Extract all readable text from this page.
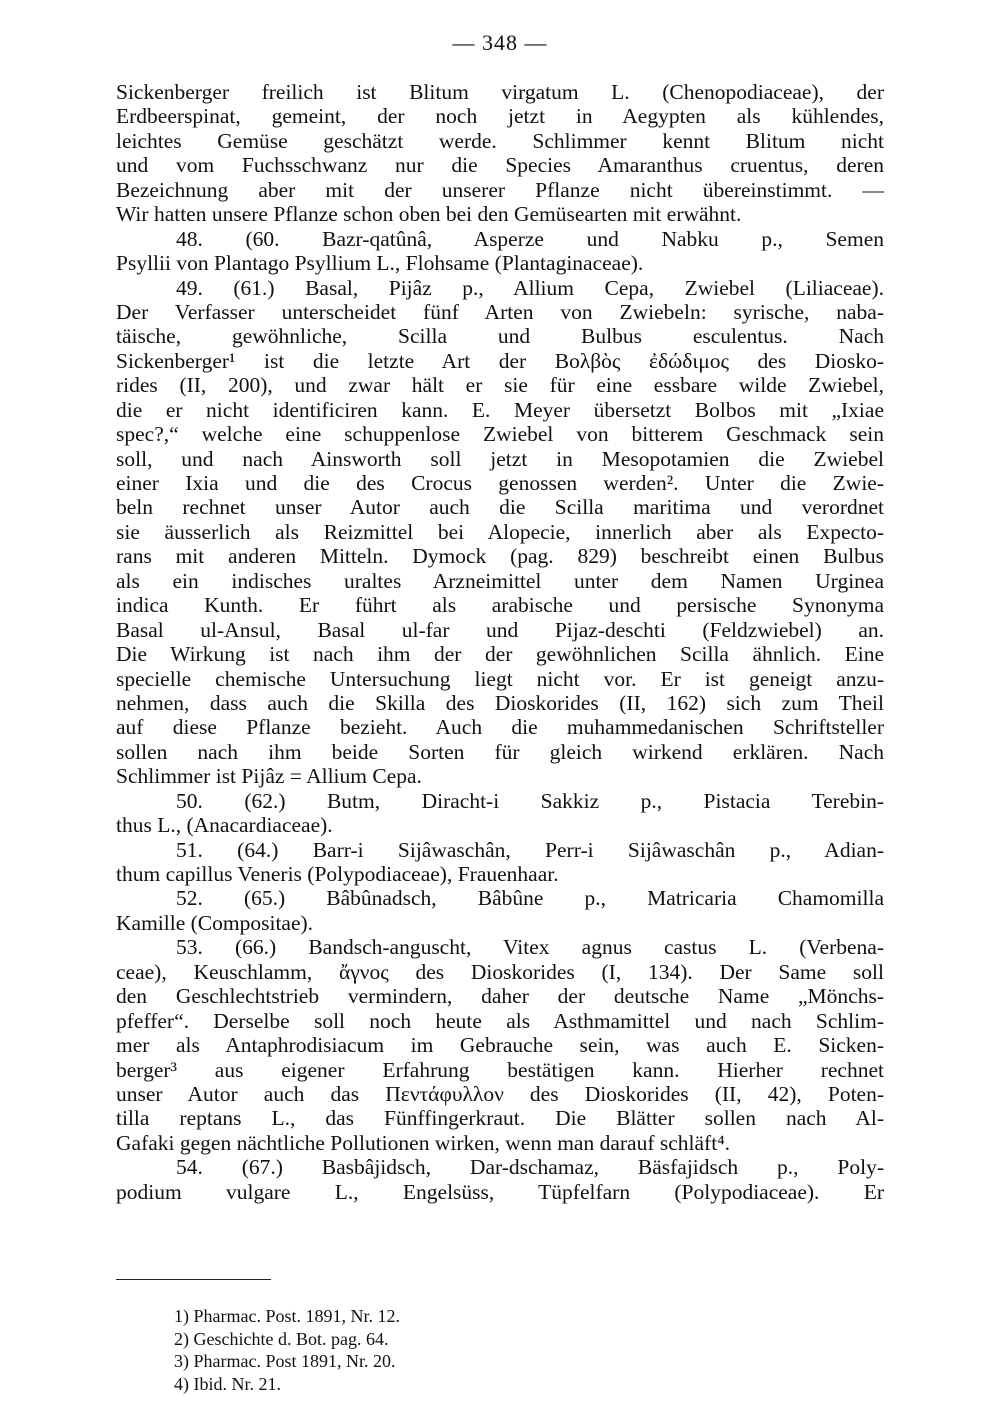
— 348 —
Sickenberger freilich ist Blitum virgatum L. (Chenopodiaceae), der
Erdbeerspinat, gemeint, der noch jetzt in Aegypten als kühlendes,
leichtes Gemüse geschätzt werde. Schlimmer kennt Blitum nicht
und vom Fuchsschwanz nur die Species Amaranthus cruentus, deren
Bezeichnung aber mit der unserer Pflanze nicht übereinstimmt. —
Wir hatten unsere Pflanze schon oben bei den Gemüsearten mit erwähnt.
48. (60. Bazr-qatûnâ, Asperze und Nabku p., Semen
Psyllii von Plantago Psyllium L., Flohsame (Plantaginaceae).
49. (61.) Basal, Pijâz p., Allium Cepa, Zwiebel (Liliaceae).
Der Verfasser unterscheidet fünf Arten von Zwiebeln: syrische, naba-
täische, gewöhnliche, Scilla und Bulbus esculentus. Nach
Sickenberger¹ ist die letzte Art der Βολβὸς ἐδώδιμος des Diosko-
rides (II, 200), und zwar hält er sie für eine essbare wilde Zwiebel,
die er nicht identificiren kann. E. Meyer übersetzt Bolbos mit „Ixiae
spec?,“ welche eine schuppenlose Zwiebel von bitterem Geschmack sein
soll, und nach Ainsworth soll jetzt in Mesopotamien die Zwiebel
einer Ixia und die des Crocus genossen werden². Unter die Zwie-
beln rechnet unser Autor auch die Scilla maritima und verordnet
sie äusserlich als Reizmittel bei Alopecie, innerlich aber als Expecto-
rans mit anderen Mitteln. Dymock (pag. 829) beschreibt einen Bulbus
als ein indisches uraltes Arzneimittel unter dem Namen Urginea
indica Kunth. Er führt als arabische und persische Synonyma
Basal ul-Ansul, Basal ul-far und Pijaz-deschti (Feldzwiebel) an.
Die Wirkung ist nach ihm der der gewöhnlichen Scilla ähnlich. Eine
specielle chemische Untersuchung liegt nicht vor. Er ist geneigt anzu-
nehmen, dass auch die Skilla des Dioskorides (II, 162) sich zum Theil
auf diese Pflanze bezieht. Auch die muhammedanischen Schriftsteller
sollen nach ihm beide Sorten für gleich wirkend erklären. Nach
Schlimmer ist Pijâz = Allium Cepa.
50. (62.) Butm, Diracht-i Sakkiz p., Pistacia Terebin-
thus L., (Anacardiaceae).
51. (64.) Barr-i Sijâwaschân, Perr-i Sijâwaschân p., Adian-
thum capillus Veneris (Polypodiaceae), Frauenhaar.
52. (65.) Bâbûnadsch, Bâbûne p., Matricaria Chamomilla
Kamille (Compositae).
53. (66.) Bandsch-anguscht, Vitex agnus castus L. (Verbena-
ceae), Keuschlamm, ἄγνος des Dioskorides (I, 134). Der Same soll
den Geschlechtstrieb vermindern, daher der deutsche Name „Mönchs-
pfeffer“. Derselbe soll noch heute als Asthmamittel und nach Schlim-
mer als Antaphrodisiacum im Gebrauche sein, was auch E. Sicken-
berger³ aus eigener Erfahrung bestätigen kann. Hierher rechnet
unser Autor auch das Πεντάφυλλον des Dioskorides (II, 42), Poten-
tilla reptans L., das Fünffingerkraut. Die Blätter sollen nach Al-
Gafaki gegen nächtliche Pollutionen wirken, wenn man darauf schläft⁴.
54. (67.) Basbâjidsch, Dar-dschamaz, Bäsfajidsch p., Poly-
podium vulgare L., Engelsüss, Tüpfelfarn (Polypodiaceae). Er
1) Pharmac. Post. 1891, Nr. 12.
2) Geschichte d. Bot. pag. 64.
3) Pharmac. Post 1891, Nr. 20.
4) Ibid. Nr. 21.
